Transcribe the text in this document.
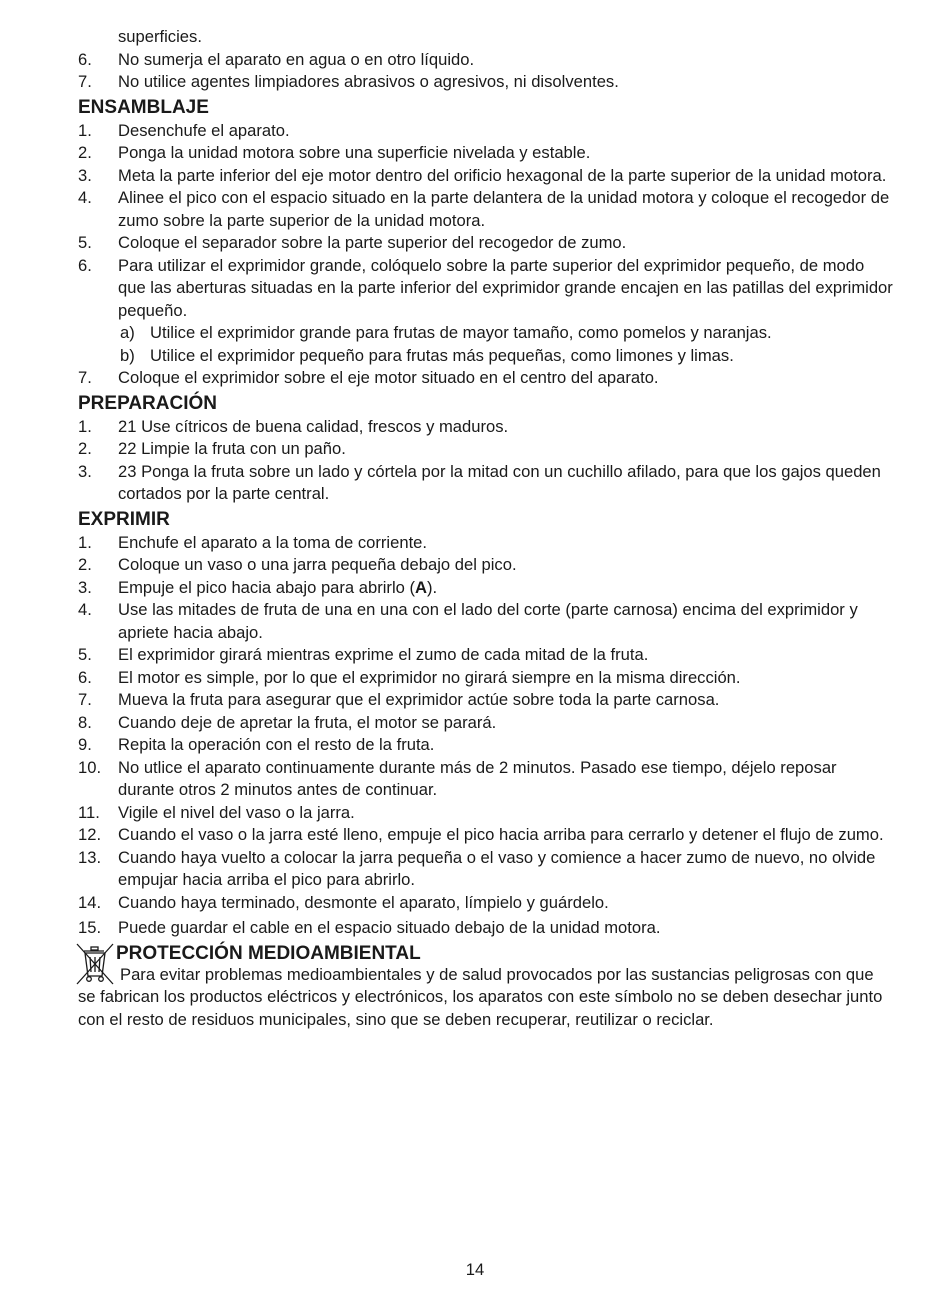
superficies.
6.	No sumerja el aparato en agua o en otro líquido.
7.	No utilice agentes limpiadores abrasivos o agresivos, ni disolventes.
ENSAMBLAJE
1.	Desenchufe el aparato.
2.	Ponga la unidad motora sobre una superficie nivelada y estable.
3.	Meta la parte inferior del eje motor dentro del orificio hexagonal de la parte superior de la unidad motora.
4.	Alinee el pico con el espacio situado en la parte delantera de la unidad motora y coloque el recogedor de zumo sobre la parte superior de la unidad motora.
5.	Coloque el separador sobre la parte superior del recogedor de zumo.
6.	Para utilizar el exprimidor grande, colóquelo sobre la parte superior del exprimidor pequeño, de modo que las aberturas situadas en la parte inferior del exprimidor grande encajen en las patillas del exprimidor pequeño.
a) Utilice el exprimidor grande para frutas de mayor tamaño, como pomelos y naranjas.
b) Utilice el exprimidor pequeño para frutas más pequeñas, como limones y limas.
7.	Coloque el exprimidor sobre el eje motor situado en el centro del aparato.
PREPARACIÓN
1.	21 Use cítricos de buena calidad, frescos y maduros.
2.	22 Limpie la fruta con un paño.
3.	23 Ponga la fruta sobre un lado y córtela por la mitad con un cuchillo afilado, para que los gajos queden cortados por la parte central.
EXPRIMIR
1.	Enchufe el aparato a la toma de corriente.
2.	Coloque un vaso o una jarra pequeña debajo del pico.
3.	Empuje el pico hacia abajo para abrirlo (A).
4.	Use las mitades de fruta de una en una con el lado del corte (parte carnosa) encima del exprimidor y apriete hacia abajo.
5.	El exprimidor girará mientras exprime el zumo de cada mitad de la fruta.
6.	El motor es simple, por lo que el exprimidor no girará siempre en la misma dirección.
7.	Mueva la fruta para asegurar que el exprimidor actúe sobre toda la parte carnosa.
8.	Cuando deje de apretar la fruta, el motor se parará.
9.	Repita la operación con el resto de la fruta.
10.	No utlice el aparato continuamente durante más de 2 minutos. Pasado ese tiempo, déjelo reposar durante otros 2 minutos antes de continuar.
11.	Vigile el nivel del vaso o la jarra.
12.	Cuando el vaso o la jarra esté lleno, empuje el pico hacia arriba para cerrarlo y detener el flujo de zumo.
13.	Cuando haya vuelto a colocar la jarra pequeña o el vaso y comience a hacer zumo de nuevo, no olvide empujar hacia arriba el pico para abrirlo.
14.	Cuando haya terminado, desmonte el aparato, límpielo y guárdelo.
15.	Puede guardar el cable en el espacio situado debajo de la unidad motora.
PROTECCIÓN MEDIOAMBIENTAL
Para evitar problemas medioambientales y de salud provocados por las sustancias peligrosas con que se fabrican los productos eléctricos y electrónicos, los aparatos con este símbolo no se deben desechar junto con el resto de residuos municipales, sino que se deben recuperar, reutilizar o reciclar.
14
